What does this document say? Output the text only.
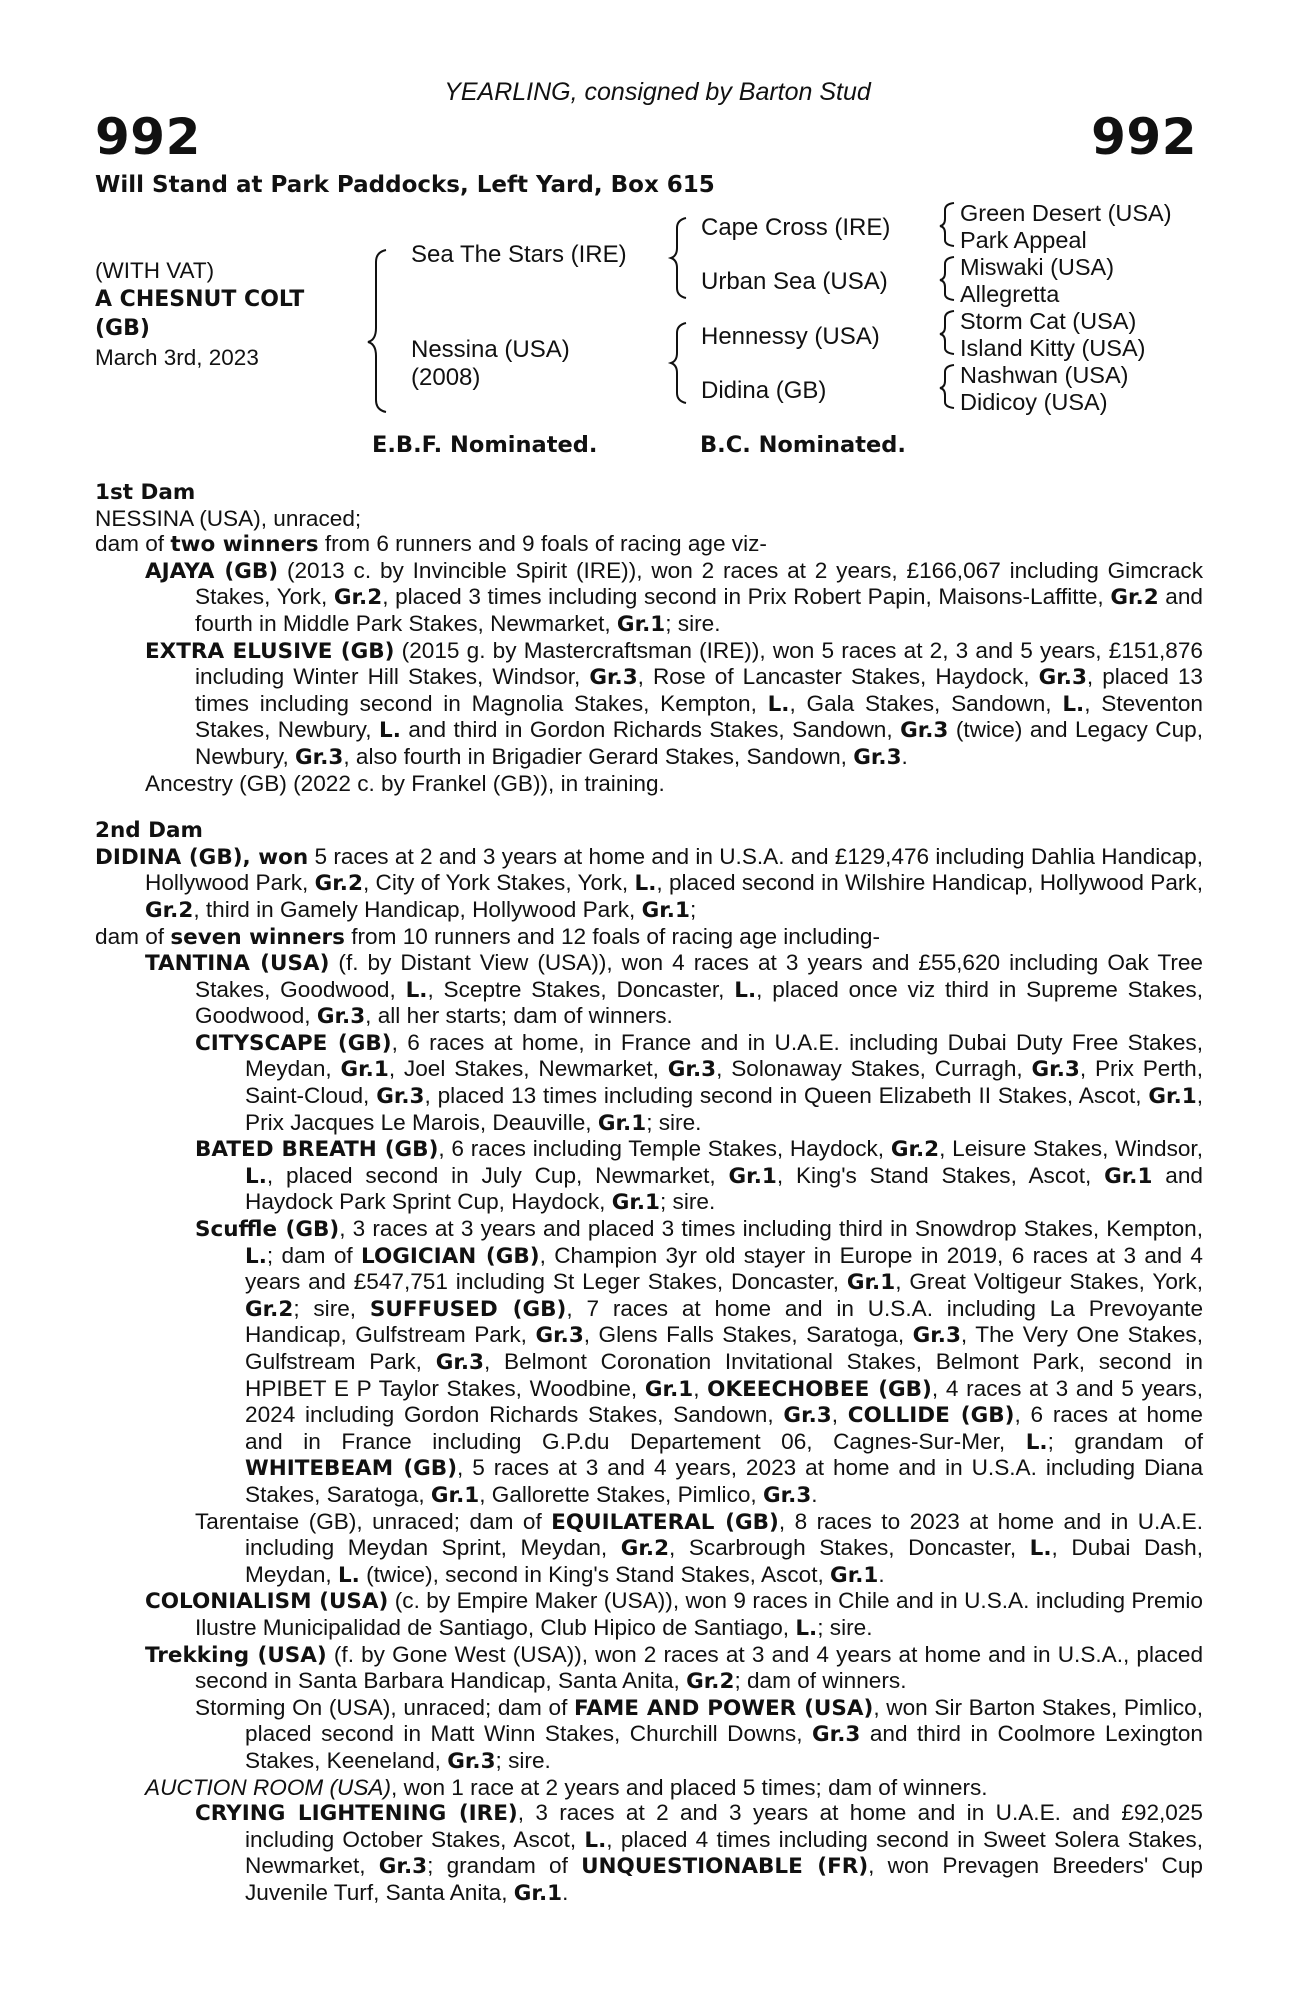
YEARLING, consigned by Barton Stud
992	992
Will Stand at Park Paddocks, Left Yard, Box 615
(WITH VAT)
A CHESNUT COLT
(GB)
March 3rd, 2023
Sea The Stars (IRE)
Nessina (USA)
(2008)
Cape Cross (IRE)
Urban Sea (USA)
Hennessy (USA)
Didina (GB)
Green Desert (USA)
Park Appeal
Miswaki (USA)
Allegretta
Storm Cat (USA)
Island Kitty (USA)
Nashwan (USA)
Didicoy (USA)
E.B.F. Nominated.	B.C. Nominated.

1st Dam

NESSINA (USA), unraced;

dam of two winners from 6 runners and 9 foals of racing age viz-

AJAYA (GB) (2013 c. by Invincible Spirit (IRE)), won 2 races at 2 years, £166,067 including Gimcrack Stakes, York, Gr.2, placed 3 times including second in Prix Robert Papin, Maisons-Laffitte, Gr.2 and fourth in Middle Park Stakes, Newmarket, Gr.1; sire.

EXTRA ELUSIVE (GB) (2015 g. by Mastercraftsman (IRE)), won 5 races at 2, 3 and 5 years, £151,876 including Winter Hill Stakes, Windsor, Gr.3, Rose of Lancaster Stakes, Haydock, Gr.3, placed 13 times including second in Magnolia Stakes, Kempton, L., Gala Stakes, Sandown, L., Steventon Stakes, Newbury, L. and third in Gordon Richards Stakes, Sandown, Gr.3 (twice) and Legacy Cup, Newbury, Gr.3, also fourth in Brigadier Gerard Stakes, Sandown, Gr.3.

Ancestry (GB) (2022 c. by Frankel (GB)), in training.

2nd Dam

DIDINA (GB), won 5 races at 2 and 3 years at home and in U.S.A. and £129,476 including Dahlia Handicap, Hollywood Park, Gr.2, City of York Stakes, York, L., placed second in Wilshire Handicap, Hollywood Park, Gr.2, third in Gamely Handicap, Hollywood Park, Gr.1;

dam of seven winners from 10 runners and 12 foals of racing age including-

TANTINA (USA) (f. by Distant View (USA)), won 4 races at 3 years and £55,620 including Oak Tree Stakes, Goodwood, L., Sceptre Stakes, Doncaster, L., placed once viz third in Supreme Stakes, Goodwood, Gr.3, all her starts; dam of winners.

CITYSCAPE (GB), 6 races at home, in France and in U.A.E. including Dubai Duty Free Stakes, Meydan, Gr.1, Joel Stakes, Newmarket, Gr.3, Solonaway Stakes, Curragh, Gr.3, Prix Perth, Saint-Cloud, Gr.3, placed 13 times including second in Queen Elizabeth II Stakes, Ascot, Gr.1, Prix Jacques Le Marois, Deauville, Gr.1; sire.

BATED BREATH (GB), 6 races including Temple Stakes, Haydock, Gr.2, Leisure Stakes, Windsor, L., placed second in July Cup, Newmarket, Gr.1, King's Stand Stakes, Ascot, Gr.1 and Haydock Park Sprint Cup, Haydock, Gr.1; sire.

Scuffle (GB), 3 races at 3 years and placed 3 times including third in Snowdrop Stakes, Kempton, L.; dam of LOGICIAN (GB), Champion 3yr old stayer in Europe in 2019, 6 races at 3 and 4 years and £547,751 including St Leger Stakes, Doncaster, Gr.1, Great Voltigeur Stakes, York, Gr.2; sire, SUFFUSED (GB), 7 races at home and in U.S.A. including La Prevoyante Handicap, Gulfstream Park, Gr.3, Glens Falls Stakes, Saratoga, Gr.3, The Very One Stakes, Gulfstream Park, Gr.3, Belmont Coronation Invitational Stakes, Belmont Park, second in HPIBET E P Taylor Stakes, Woodbine, Gr.1, OKEECHOBEE (GB), 4 races at 3 and 5 years, 2024 including Gordon Richards Stakes, Sandown, Gr.3, COLLIDE (GB), 6 races at home and in France including G.P.du Departement 06, Cagnes-Sur-Mer, L.; grandam of WHITEBEAM (GB), 5 races at 3 and 4 years, 2023 at home and in U.S.A. including Diana Stakes, Saratoga, Gr.1, Gallorette Stakes, Pimlico, Gr.3.

Tarentaise (GB), unraced; dam of EQUILATERAL (GB), 8 races to 2023 at home and in U.A.E. including Meydan Sprint, Meydan, Gr.2, Scarbrough Stakes, Doncaster, L., Dubai Dash, Meydan, L. (twice), second in King's Stand Stakes, Ascot, Gr.1.

COLONIALISM (USA) (c. by Empire Maker (USA)), won 9 races in Chile and in U.S.A. including Premio Ilustre Municipalidad de Santiago, Club Hipico de Santiago, L.; sire.

Trekking (USA) (f. by Gone West (USA)), won 2 races at 3 and 4 years at home and in U.S.A., placed second in Santa Barbara Handicap, Santa Anita, Gr.2; dam of winners.

Storming On (USA), unraced; dam of FAME AND POWER (USA), won Sir Barton Stakes, Pimlico, placed second in Matt Winn Stakes, Churchill Downs, Gr.3 and third in Coolmore Lexington Stakes, Keeneland, Gr.3; sire.

AUCTION ROOM (USA), won 1 race at 2 years and placed 5 times; dam of winners.

CRYING LIGHTENING (IRE), 3 races at 2 and 3 years at home and in U.A.E. and £92,025 including October Stakes, Ascot, L., placed 4 times including second in Sweet Solera Stakes, Newmarket, Gr.3; grandam of UNQUESTIONABLE (FR), won Prevagen Breeders' Cup Juvenile Turf, Santa Anita, Gr.1.
